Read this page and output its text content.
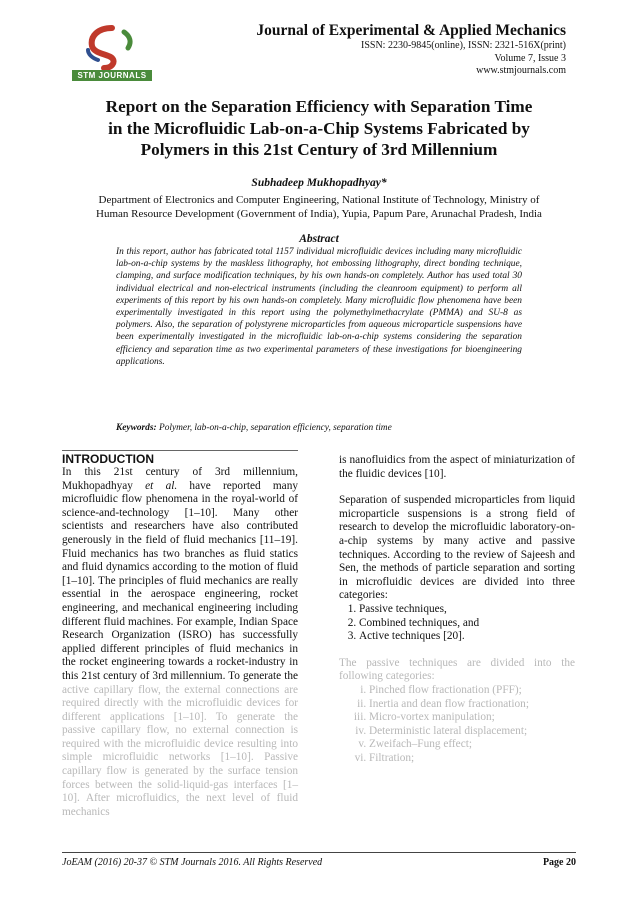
STM JOURNALS
Journal of Experimental & Applied Mechanics
ISSN: 2230-9845(online), ISSN: 2321-516X(print)
Volume 7, Issue 3
www.stmjournals.com
Report on the Separation Efficiency with Separation Time
in the Microfluidic Lab-on-a-Chip Systems Fabricated by
Polymers in this 21st Century of 3rd Millennium
Subhadeep Mukhopadhyay*
Department of Electronics and Computer Engineering, National Institute of Technology, Ministry of
Human Resource Development (Government of India), Yupia, Papum Pare, Arunachal Pradesh, India
Abstract
In this report, author has fabricated total 1157 individual microfluidic devices including many microfluidic lab-on-a-chip systems by the maskless lithography, hot embossing lithography, direct bonding technique, clamping, and surface modification techniques, by his own hands-on completely. Author has used total 30 individual electrical and non-electrical instruments (including the cleanroom equipment) to perform all experiments of this report by his own hands-on completely. Many microfluidic flow phenomena have been experimentally investigated in this report using the polymethylmethacrylate (PMMA) and SU-8 as polymers. Also, the separation of polystyrene microparticles from aqueous microparticle suspensions have been experimentally investigated in the microfluidic lab-on-a-chip systems considering the separation efficiency and separation time as two experimental parameters of these investigations for bioengineering applications.
Keywords: Polymer, lab-on-a-chip, separation efficiency, separation time
INTRODUCTION

In this 21st century of 3rd millennium, Mukhopadhyay et al. have reported many microfluidic flow phenomena in the royal-world of science-and-technology [1–10]. Many other scientists and researchers have also contributed generously in the field of fluid mechanics [11–19]. Fluid mechanics has two branches as fluid statics and fluid dynamics according to the motion of fluid [1–10]. The principles of fluid mechanics are really essential in the aerospace engineering, rocket engineering, and mechanical engineering including different fluid machines. For example, Indian Space Research Organization (ISRO) has successfully applied different principles of fluid mechanics in the rocket engineering towards a rocket-industry in this 21st century of 3rd millennium. To generate the active capillary flow, the external connections are required directly with the microfluidic devices for different applications [1–10]. To generate the passive capillary flow, no external connection is required with the microfluidic device resulting into simple microfluidic networks [1–10]. Passive capillary flow is generated by the surface tension forces between the solid-liquid-gas interfaces [1–10]. After microfluidics, the next level of fluid mechanics

is nanofluidics from the aspect of miniaturization of the fluidic devices [10].

Separation of suspended microparticles from liquid microparticle suspensions is a strong field of research to develop the microfluidic laboratory-on-a-chip systems by many active and passive techniques. According to the review of Sajeesh and Sen, the methods of particle separation and sorting in microfluidic devices are divided into three categories:

1. Passive techniques,
2. Combined techniques, and
3. Active techniques [20].

The passive techniques are divided into the following categories:

i. Pinched flow fractionation (PFF);
ii. Inertia and dean flow fractionation;
iii. Micro-vortex manipulation;
iv. Deterministic lateral displacement;
v. Zweifach–Fung effect;
vi. Filtration;
JoEAM (2016) 20-37 © STM Journals 2016. All Rights Reserved	Page 20
